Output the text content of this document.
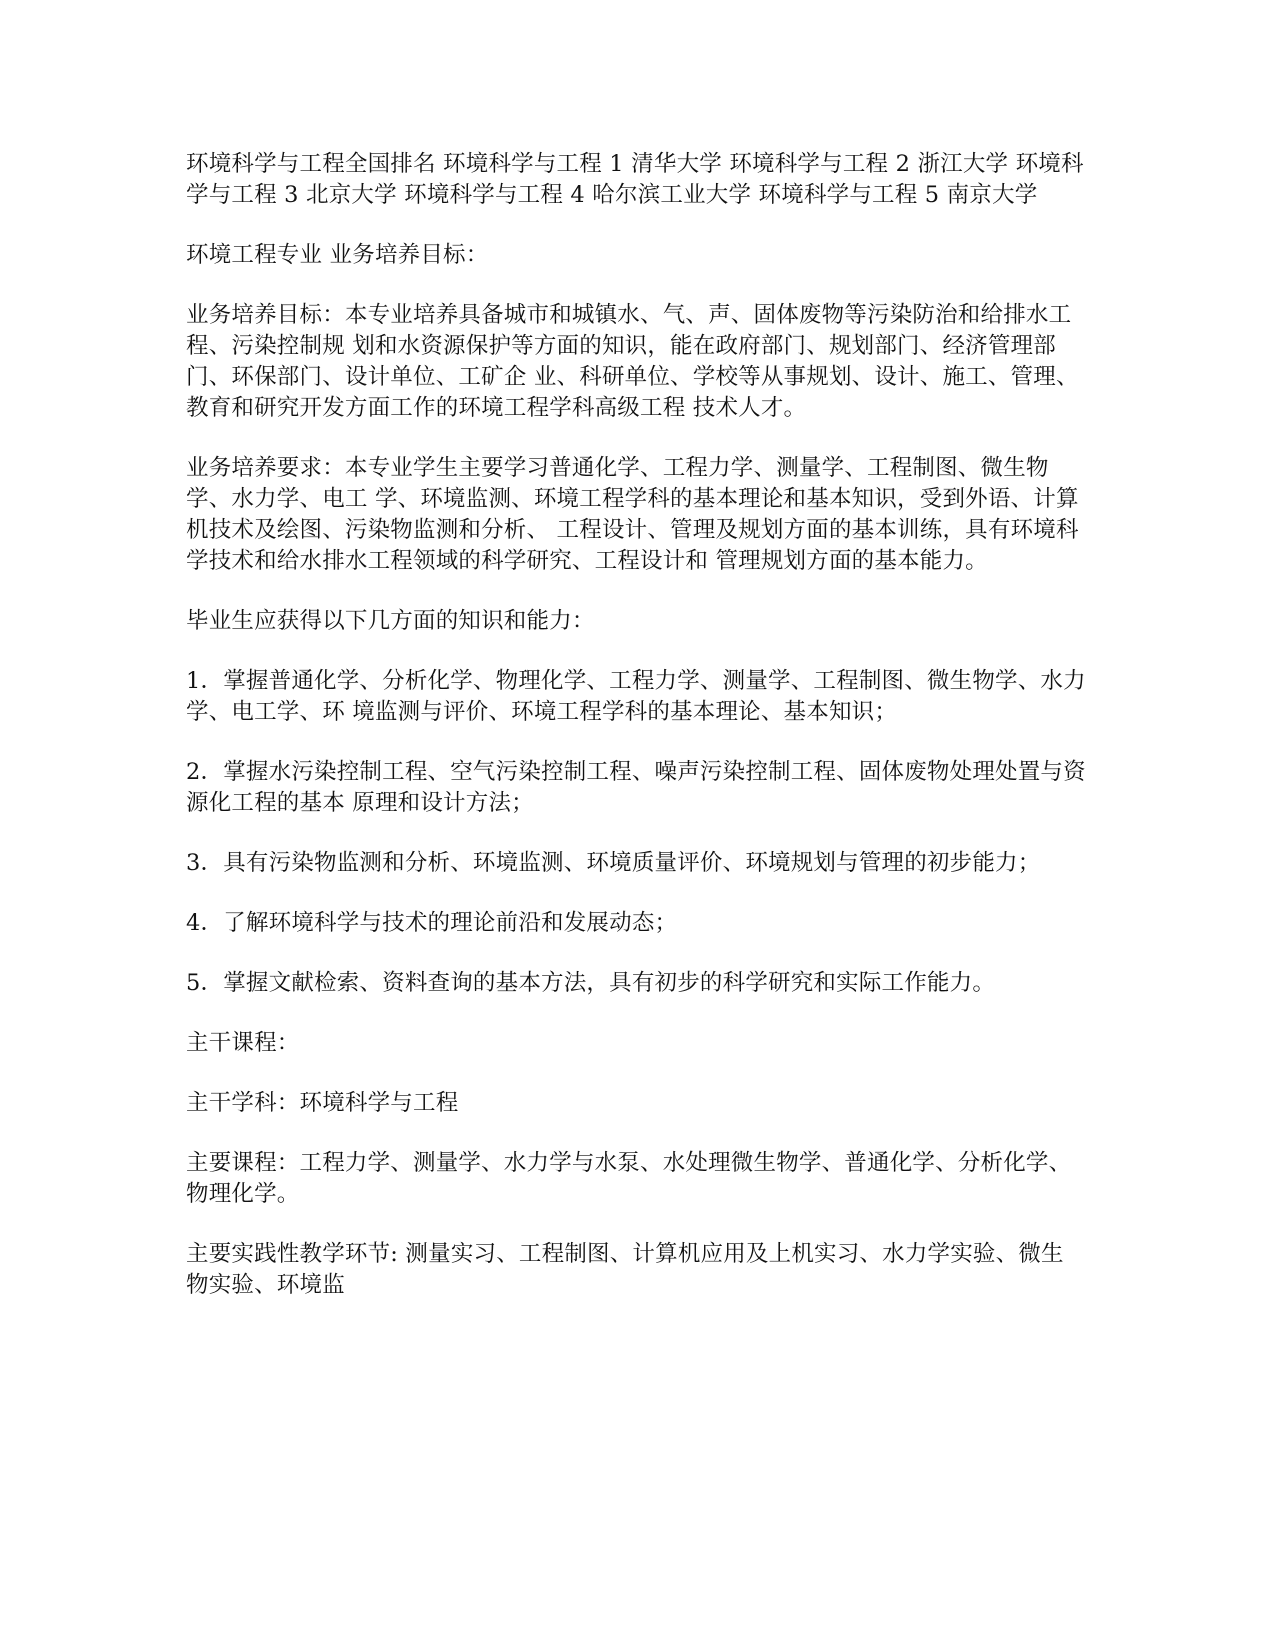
环境科学与工程全国排名 环境科学与工程 1 清华大学 环境科学与工程 2 浙江大学 环境科学与工程 3 北京大学 环境科学与工程 4 哈尔滨工业大学 环境科学与工程 5 南京大学

环境工程专业 业务培养目标：

业务培养目标：本专业培养具备城市和城镇水、气、声、固体废物等污染防治和给排水工程、污染控制规 划和水资源保护等方面的知识，能在政府部门、规划部门、经济管理部门、环保部门、设计单位、工矿企 业、科研单位、学校等从事规划、设计、施工、管理、教育和研究开发方面工作的环境工程学科高级工程 技术人才。

业务培养要求：本专业学生主要学习普通化学、工程力学、测量学、工程制图、微生物学、水力学、电工 学、环境监测、环境工程学科的基本理论和基本知识，受到外语、计算机技术及绘图、污染物监测和分析、 工程设计、管理及规划方面的基本训练，具有环境科学技术和给水排水工程领域的科学研究、工程设计和 管理规划方面的基本能力。

毕业生应获得以下几方面的知识和能力：

1．掌握普通化学、分析化学、物理化学、工程力学、测量学、工程制图、微生物学、水力学、电工学、环 境监测与评价、环境工程学科的基本理论、基本知识；

2．掌握水污染控制工程、空气污染控制工程、噪声污染控制工程、固体废物处理处置与资源化工程的基本 原理和设计方法；

3．具有污染物监测和分析、环境监测、环境质量评价、环境规划与管理的初步能力；

4．了解环境科学与技术的理论前沿和发展动态；

5．掌握文献检索、资料查询的基本方法，具有初步的科学研究和实际工作能力。

主干课程：

主干学科：环境科学与工程

主要课程：工程力学、测量学、水力学与水泵、水处理微生物学、普通化学、分析化学、物理化学。

主要实践性教学环节: 测量实习、工程制图、计算机应用及上机实习、水力学实验、微生物实验、环境监
